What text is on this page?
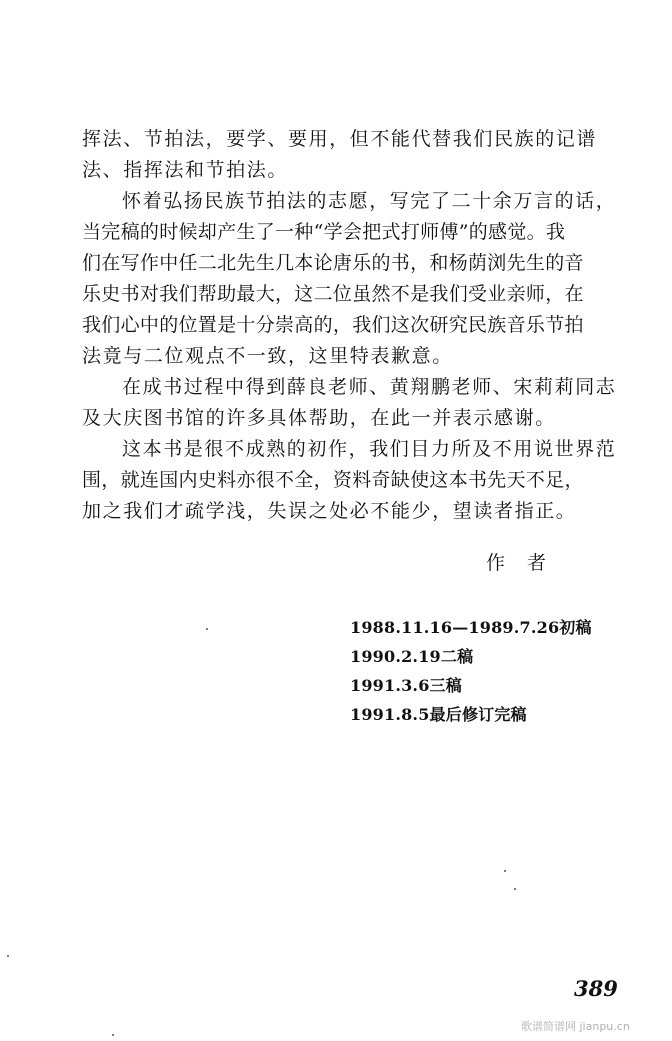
挥法、节拍法，要学、要用，但不能代替我们民族的记谱
法、指挥法和节拍法。
怀着弘扬民族节拍法的志愿，写完了二十余万言的话，
当完稿的时候却产生了一种“学会把式打师傅”的感觉。我
们在写作中任二北先生几本论唐乐的书，和杨荫浏先生的音
乐史书对我们帮助最大，这二位虽然不是我们受业亲师，在
我们心中的位置是十分崇高的，我们这次研究民族音乐节拍
法竟与二位观点不一致，这里特表歉意。
在成书过程中得到薛良老师、黄翔鹏老师、宋莉莉同志
及大庆图书馆的许多具体帮助，在此一并表示感谢。
这本书是很不成熟的初作，我们目力所及不用说世界范
围，就连国内史料亦很不全，资料奇缺使这本书先天不足，
加之我们才疏学浅，失误之处必不能少，望读者指正。
作者
1988.11.16—1989.7.26初稿
1990.2.19二稿
1991.3.6三稿
1991.8.5最后修订完稿
389
歌谱简谱网 jianpu.cn
